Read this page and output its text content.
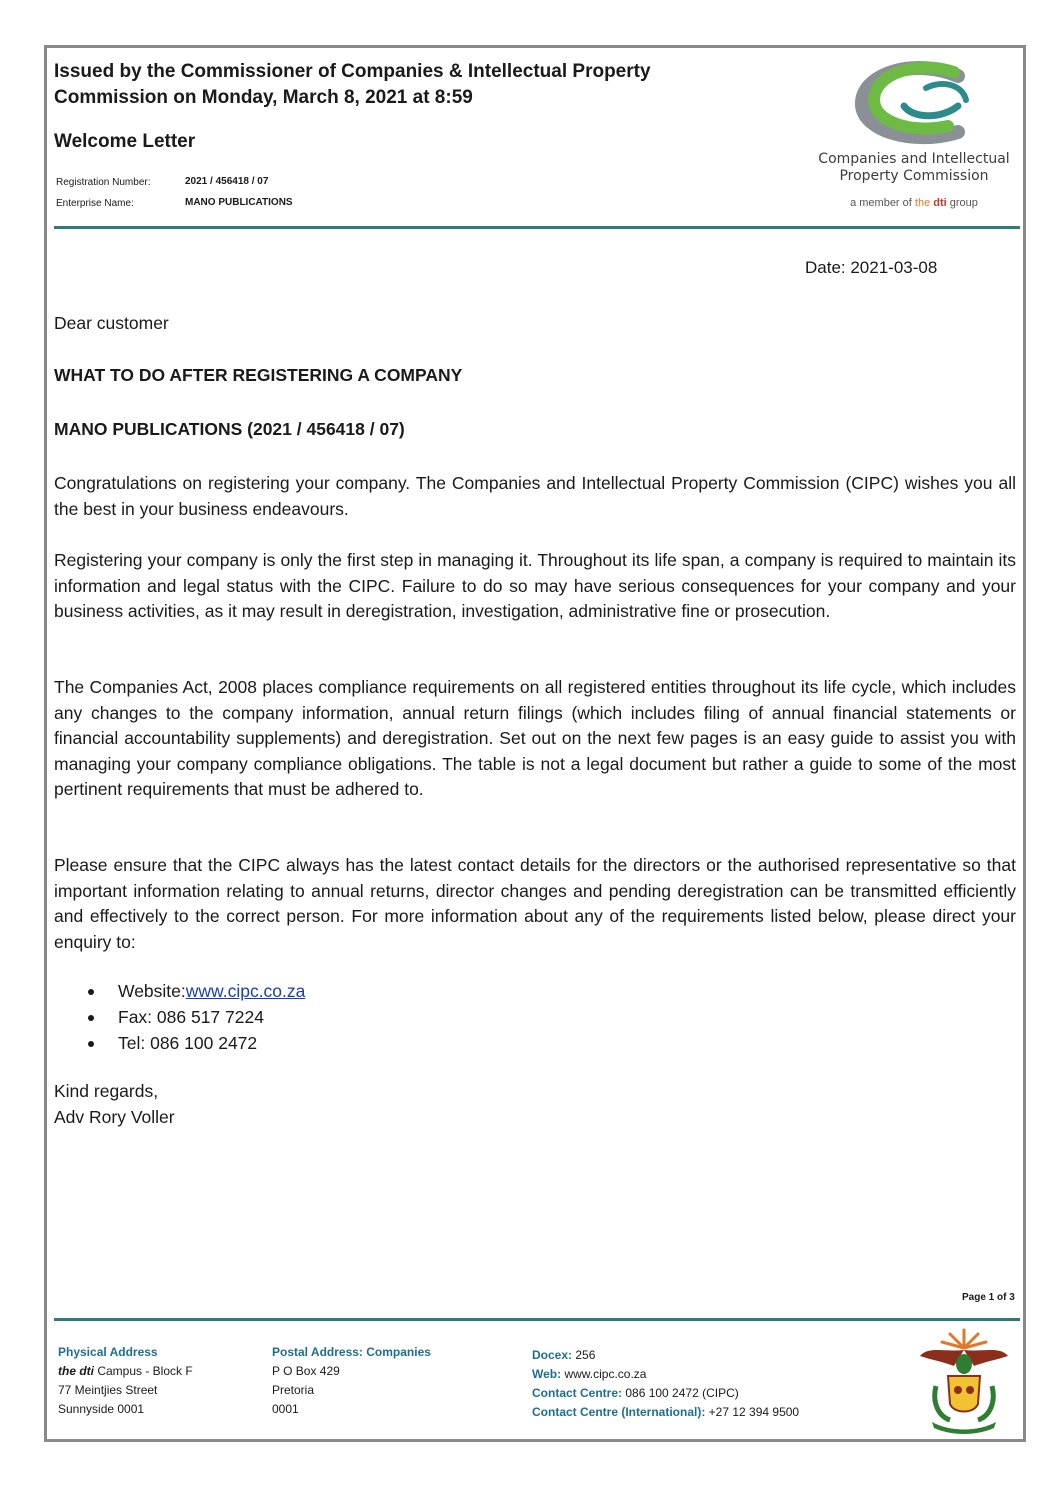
Issued by the Commissioner of Companies & Intellectual Property
Commission on Monday, March 8, 2021 at 8:59
Welcome Letter
Registration Number:	2021 / 456418 / 07
Enterprise Name:	MANO PUBLICATIONS
Companies and Intellectual
Property Commission
a member of the dti group
Date: 2021-03-08
Dear customer
WHAT TO DO AFTER REGISTERING A COMPANY
MANO PUBLICATIONS (2021 / 456418 / 07)
Congratulations on registering your company. The Companies and Intellectual Property Commission (CIPC) wishes you all the best in your business endeavours.
Registering your company is only the first step in managing it. Throughout its life span, a company is required to maintain its information and legal status with the CIPC. Failure to do so may have serious consequences for your company and your business activities, as it may result in deregistration, investigation, administrative fine or prosecution.
The Companies Act, 2008 places compliance requirements on all registered entities throughout its life cycle, which includes any changes to the company information, annual return filings (which includes filing of annual financial statements or financial accountability supplements) and deregistration. Set out on the next few pages is an easy guide to assist you with managing your company compliance obligations. The table is not a legal document but rather a guide to some of the most pertinent requirements that must be adhered to.
Please ensure that the CIPC always has the latest contact details for the directors or the authorised representative so that important information relating to annual returns, director changes and pending deregistration can be transmitted efficiently and effectively to the correct person. For more information about any of the requirements listed below, please direct your enquiry to:
Website:www.cipc.co.za
Fax: 086 517 7224
Tel: 086 100 2472
Kind regards,
Adv Rory Voller
Page 1 of 3
Physical Address
the dti Campus - Block F
77 Meintjies Street
Sunnyside 0001
Postal Address: Companies
P O Box 429
Pretoria
0001
Docex: 256
Web: www.cipc.co.za
Contact Centre: 086 100 2472 (CIPC)
Contact Centre (International): +27 12 394 9500
